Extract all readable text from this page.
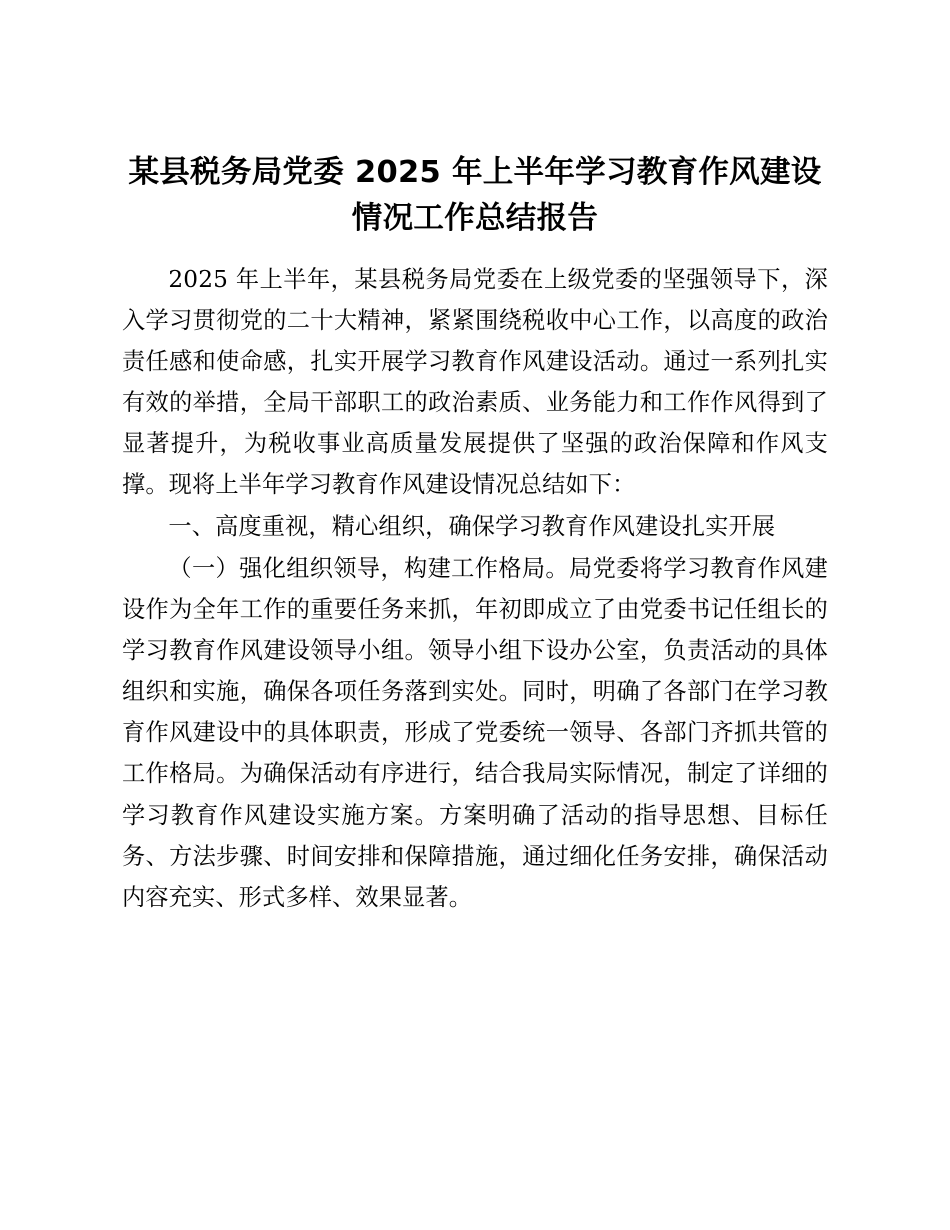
某县税务局党委 2025 年上半年学习教育作风建设情况工作总结报告

2025 年上半年，某县税务局党委在上级党委的坚强领导下，深入学习贯彻党的二十大精神，紧紧围绕税收中心工作，以高度的政治责任感和使命感，扎实开展学习教育作风建设活动。通过一系列扎实有效的举措，全局干部职工的政治素质、业务能力和工作作风得到了显著提升，为税收事业高质量发展提供了坚强的政治保障和作风支撑。现将上半年学习教育作风建设情况总结如下：

一、高度重视，精心组织，确保学习教育作风建设扎实开展

（一）强化组织领导，构建工作格局。局党委将学习教育作风建设作为全年工作的重要任务来抓，年初即成立了由党委书记任组长的学习教育作风建设领导小组。领导小组下设办公室，负责活动的具体组织和实施，确保各项任务落到实处。同时，明确了各部门在学习教育作风建设中的具体职责，形成了党委统一领导、各部门齐抓共管的工作格局。为确保活动有序进行，结合我局实际情况，制定了详细的学习教育作风建设实施方案。方案明确了活动的指导思想、目标任务、方法步骤、时间安排和保障措施，通过细化任务安排，确保活动内容充实、形式多样、效果显著。
